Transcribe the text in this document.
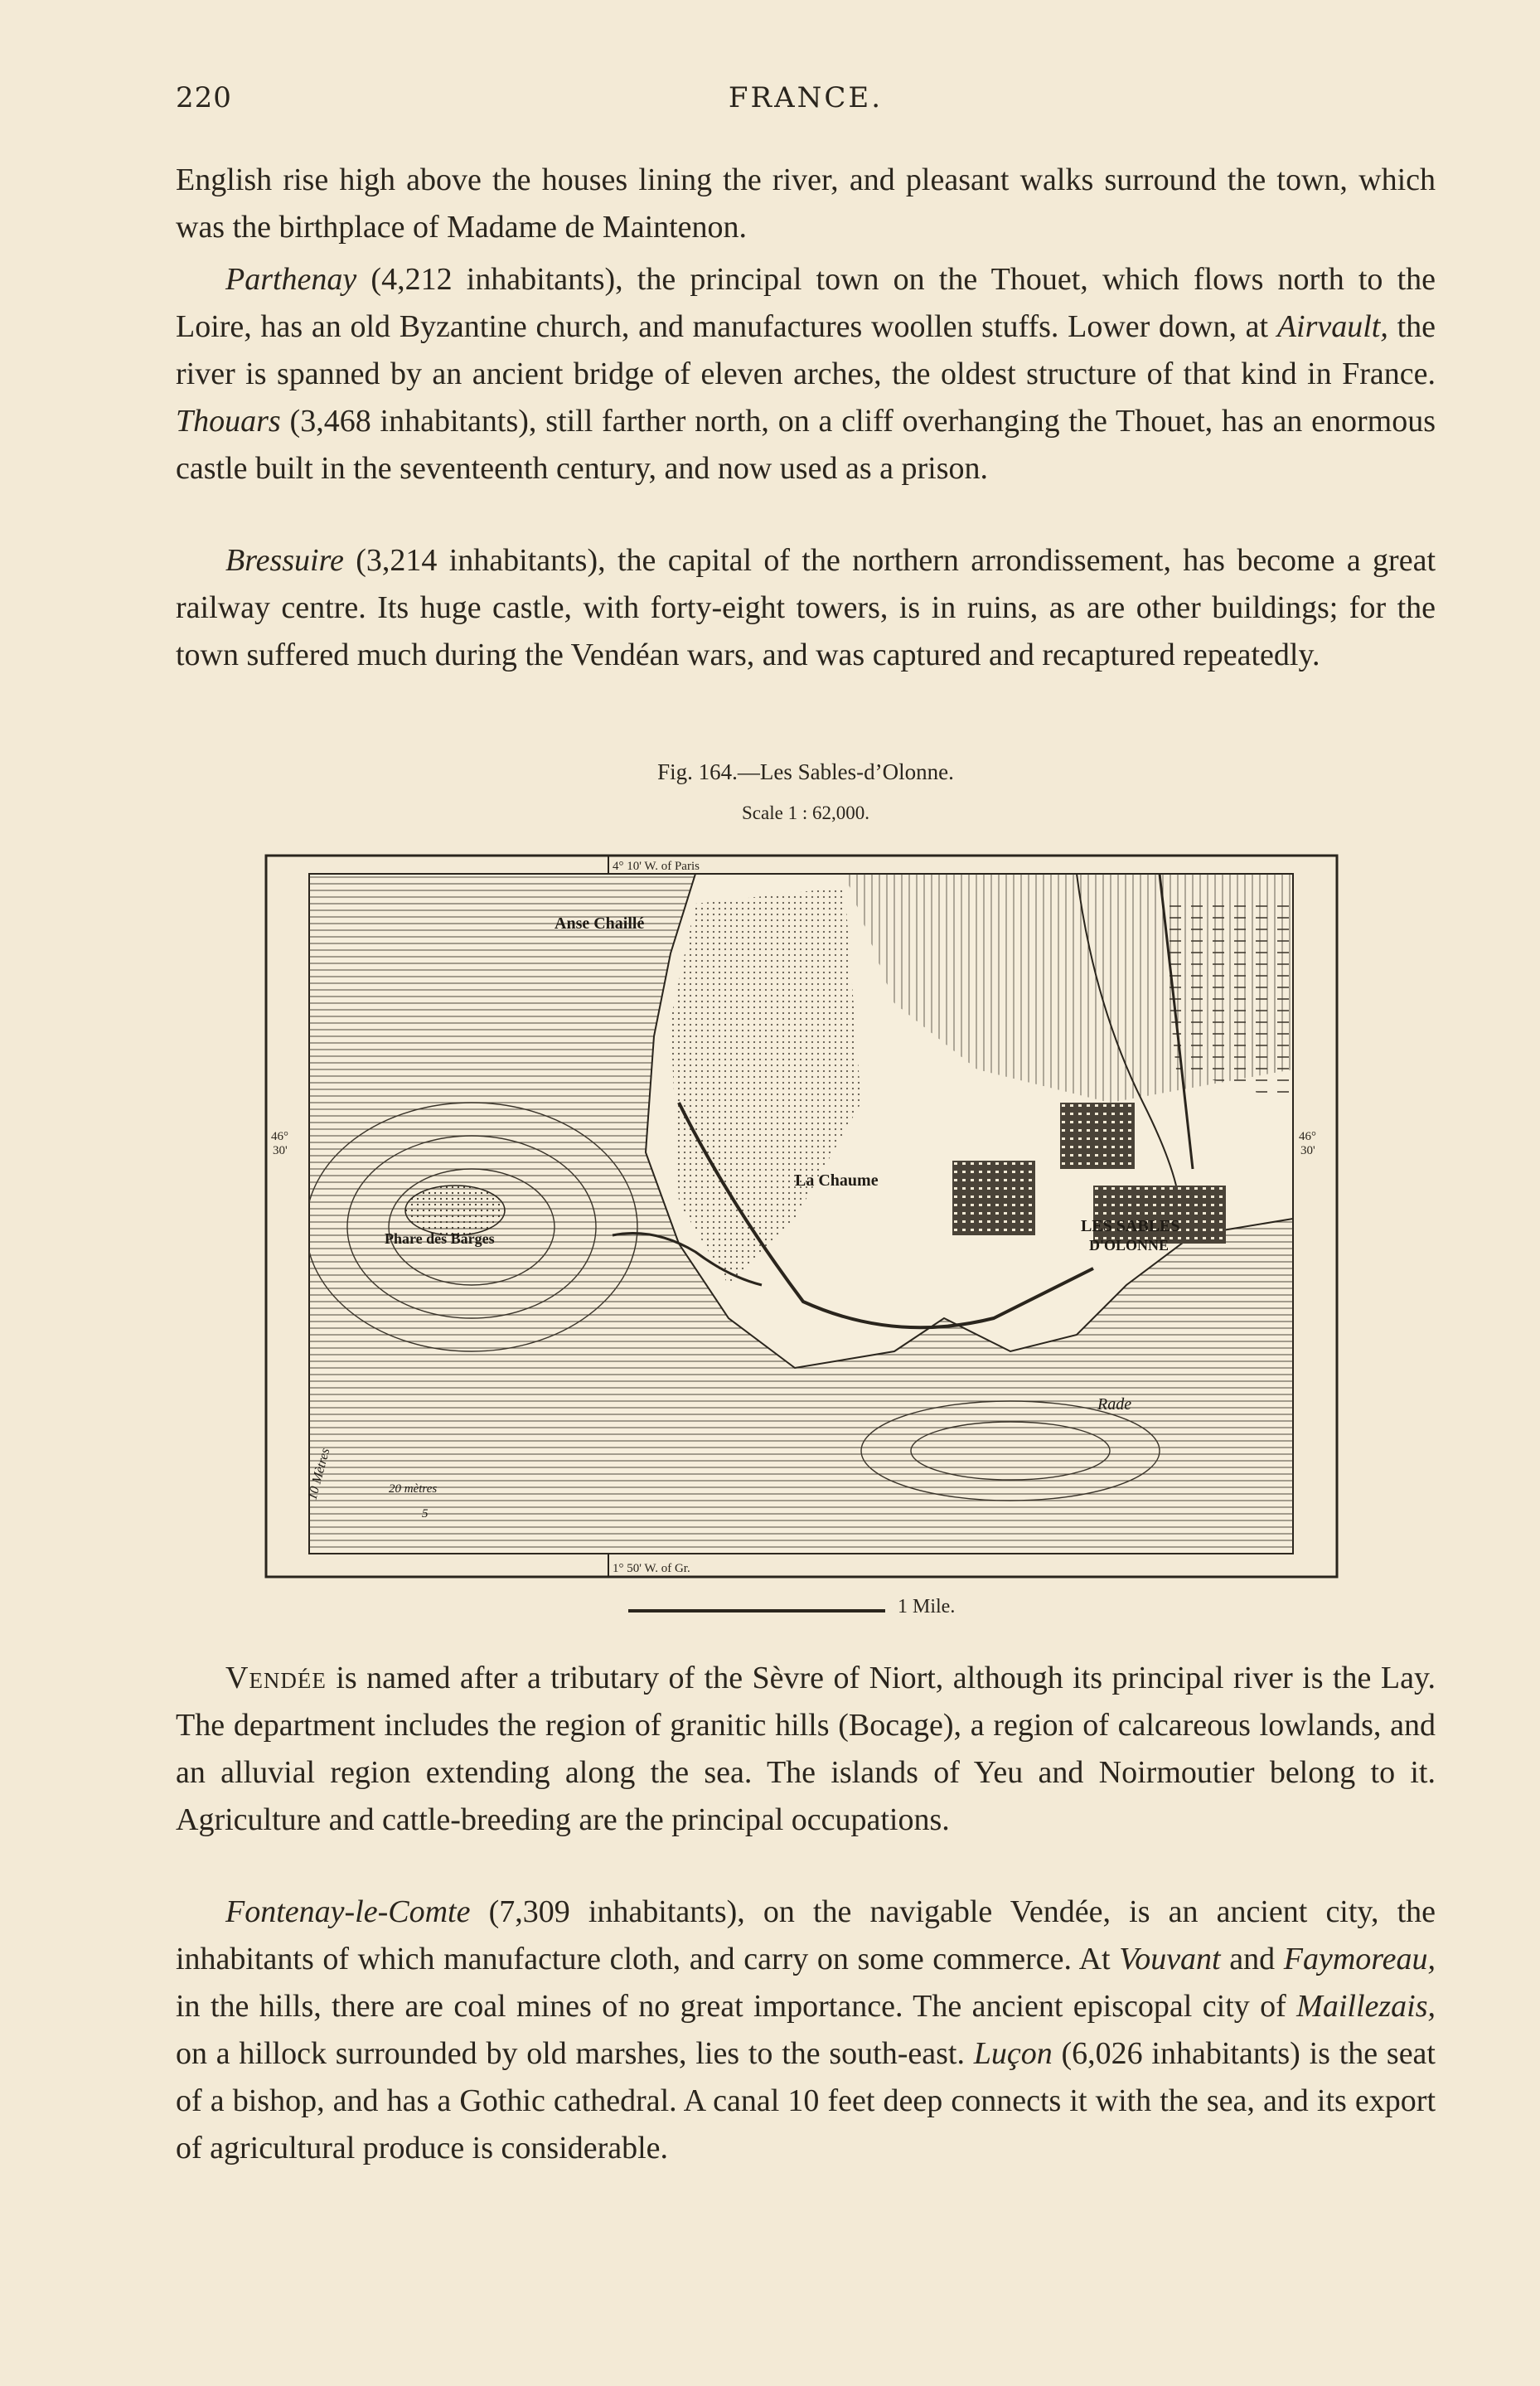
220	FRANCE.

English rise high above the houses lining the river, and pleasant walks surround the town, which was the birthplace of Madame de Maintenon.

Parthenay (4,212 inhabitants), the principal town on the Thouet, which flows north to the Loire, has an old Byzantine church, and manufactures woollen stuffs. Lower down, at Airvault, the river is spanned by an ancient bridge of eleven arches, the oldest structure of that kind in France. Thouars (3,468 inhabitants), still farther north, on a cliff overhanging the Thouet, has an enormous castle built in the seventeenth century, and now used as a prison.

Bressuire (3,214 inhabitants), the capital of the northern arrondissement, has become a great railway centre. Its huge castle, with forty-eight towers, is in ruins, as are other buildings; for the town suffered much during the Vendéan wars, and was captured and recaptured repeatedly.

Fig. 164.—Les Sables-d’Olonne.
Scale 1 : 62,000.
4° 10' W. of Paris
1° 50' W. of Gr.
46°
30'
46°
30'
Anse Chaillé
La Chaume
LES SABLES
D'OLONNE
Phare des Barges
Rade
10 Mètres	20 mètres
5
1 Mile.

Vendée is named after a tributary of the Sèvre of Niort, although its principal river is the Lay. The department includes the region of granitic hills (Bocage), a region of calcareous lowlands, and an alluvial region extending along the sea. The islands of Yeu and Noirmoutier belong to it. Agriculture and cattle-breeding are the principal occupations.

Fontenay-le-Comte (7,309 inhabitants), on the navigable Vendée, is an ancient city, the inhabitants of which manufacture cloth, and carry on some commerce. At Vouvant and Faymoreau, in the hills, there are coal mines of no great importance. The ancient episcopal city of Maillezais, on a hillock surrounded by old marshes, lies to the south-east. Luçon (6,026 inhabitants) is the seat of a bishop, and has a Gothic cathedral. A canal 10 feet deep connects it with the sea, and its export of agricultural produce is considerable.
